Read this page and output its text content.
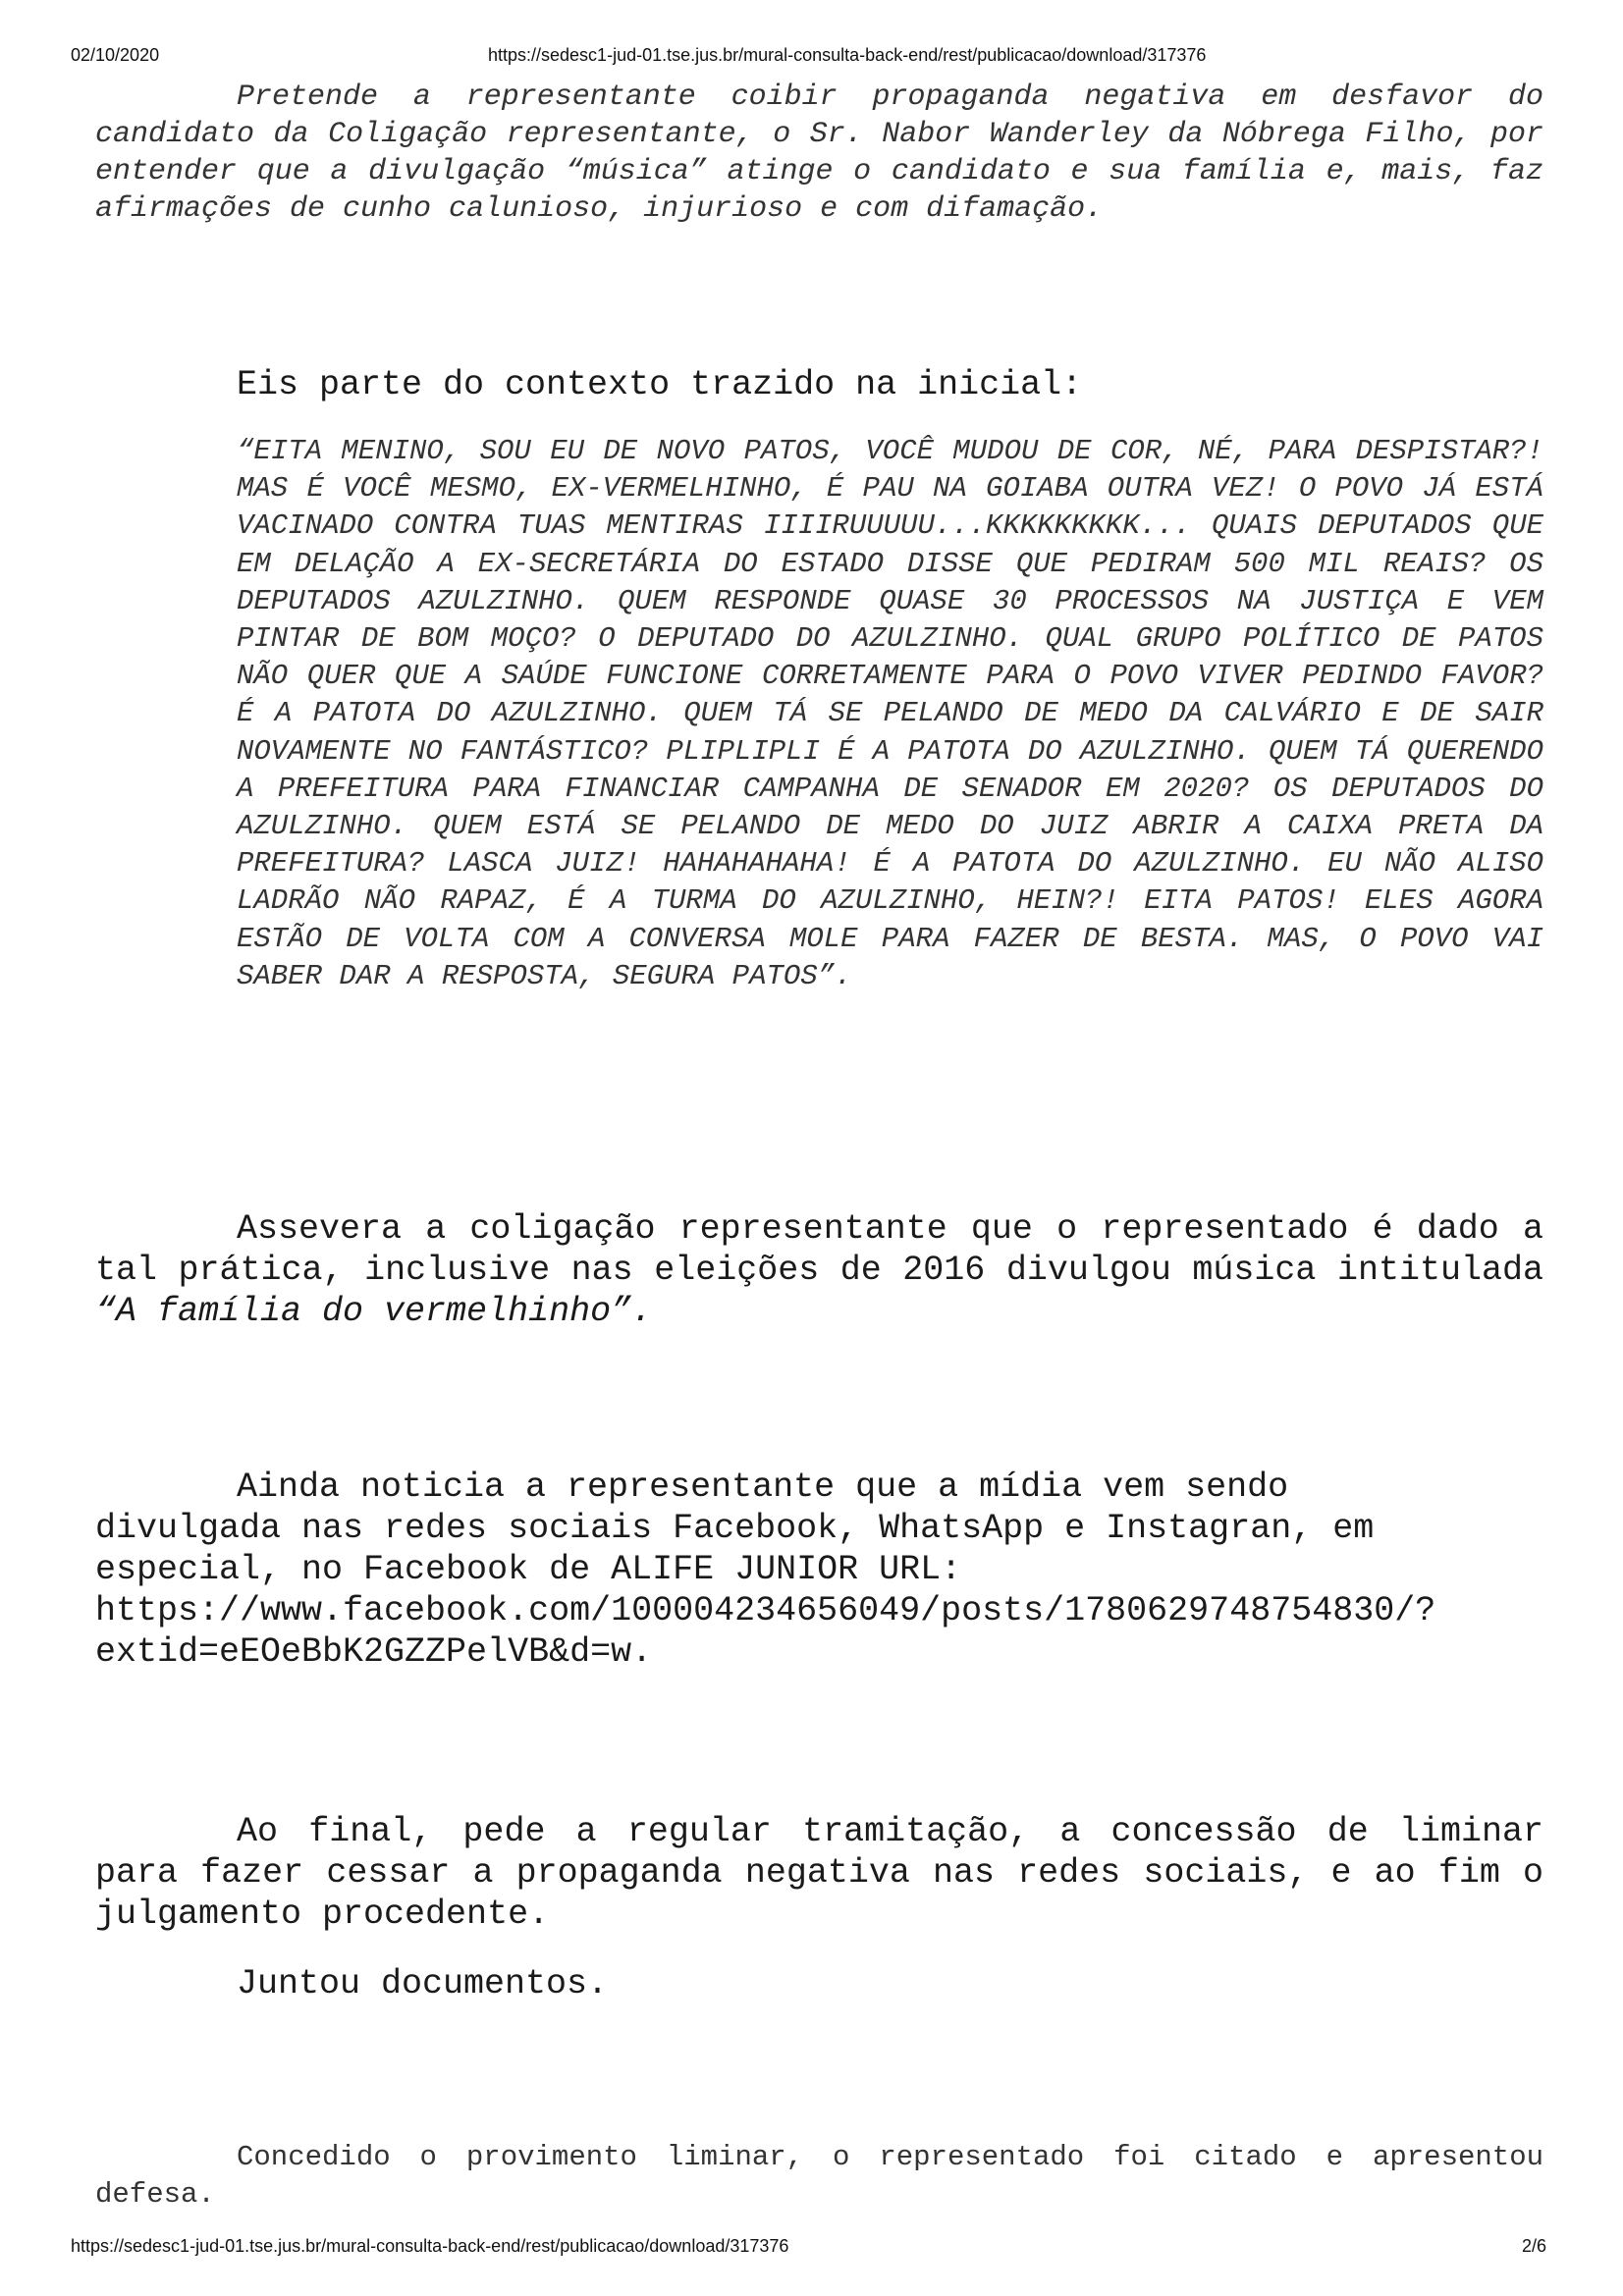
02/10/2020	https://sedesc1-jud-01.tse.jus.br/mural-consulta-back-end/rest/publicacao/download/317376

Pretende a representante coibir propaganda negativa em desfavor do candidato da Coligação representante, o Sr. Nabor Wanderley da Nóbrega Filho, por entender que a divulgação “música” atinge o candidato e sua família e, mais, faz afirmações de cunho calunioso, injurioso e com difamação.

Eis parte do contexto trazido na inicial:

“EITA MENINO, SOU EU DE NOVO PATOS, VOCÊ MUDOU DE COR, NÉ, PARA DESPISTAR?! MAS É VOCÊ MESMO, EX-VERMELHINHO, É PAU NA GOIABA OUTRA VEZ! O POVO JÁ ESTÁ VACINADO CONTRA TUAS MENTIRAS IIIIRUUUUU...KKKKKKKKK... QUAIS DEPUTADOS QUE EM DELAÇÃO A EX-SECRETÁRIA DO ESTADO DISSE QUE PEDIRAM 500 MIL REAIS? OS DEPUTADOS AZULZINHO. QUEM RESPONDE QUASE 30 PROCESSOS NA JUSTIÇA E VEM PINTAR DE BOM MOÇO? O DEPUTADO DO AZULZINHO. QUAL GRUPO POLÍTICO DE PATOS NÃO QUER QUE A SAÚDE FUNCIONE CORRETAMENTE PARA O POVO VIVER PEDINDO FAVOR? É A PATOTA DO AZULZINHO. QUEM TÁ SE PELANDO DE MEDO DA CALVÁRIO E DE SAIR NOVAMENTE NO FANTÁSTICO? PLIPLIPLI É A PATOTA DO AZULZINHO. QUEM TÁ QUERENDO A PREFEITURA PARA FINANCIAR CAMPANHA DE SENADOR EM 2020? OS DEPUTADOS DO AZULZINHO. QUEM ESTÁ SE PELANDO DE MEDO DO JUIZ ABRIR A CAIXA PRETA DA PREFEITURA? LASCA JUIZ! HAHAHAHAHA! É A PATOTA DO AZULZINHO. EU NÃO ALISO LADRÃO NÃO RAPAZ, É A TURMA DO AZULZINHO, HEIN?! EITA PATOS! ELES AGORA ESTÃO DE VOLTA COM A CONVERSA MOLE PARA FAZER DE BESTA. MAS, O POVO VAI SABER DAR A RESPOSTA, SEGURA PATOS”.

Assevera a coligação representante que o representado é dado a tal prática, inclusive nas eleições de 2016 divulgou música intitulada “A família do vermelhinho”.

Ainda noticia a representante que a mídia vem sendo
divulgada nas redes sociais Facebook, WhatsApp e Instagran, em
especial, no Facebook de ALIFE JUNIOR URL:
https://www.facebook.com/100004234656049/posts/1780629748754830/?
extid=eEOeBbK2GZZPelVB&d=w.

Ao final, pede a regular tramitação, a concessão de liminar para fazer cessar a propaganda negativa nas redes sociais, e ao fim o julgamento procedente.

Juntou documentos.

Concedido o provimento liminar, o representado foi citado e apresentou defesa.

https://sedesc1-jud-01.tse.jus.br/mural-consulta-back-end/rest/publicacao/download/317376	2/6
